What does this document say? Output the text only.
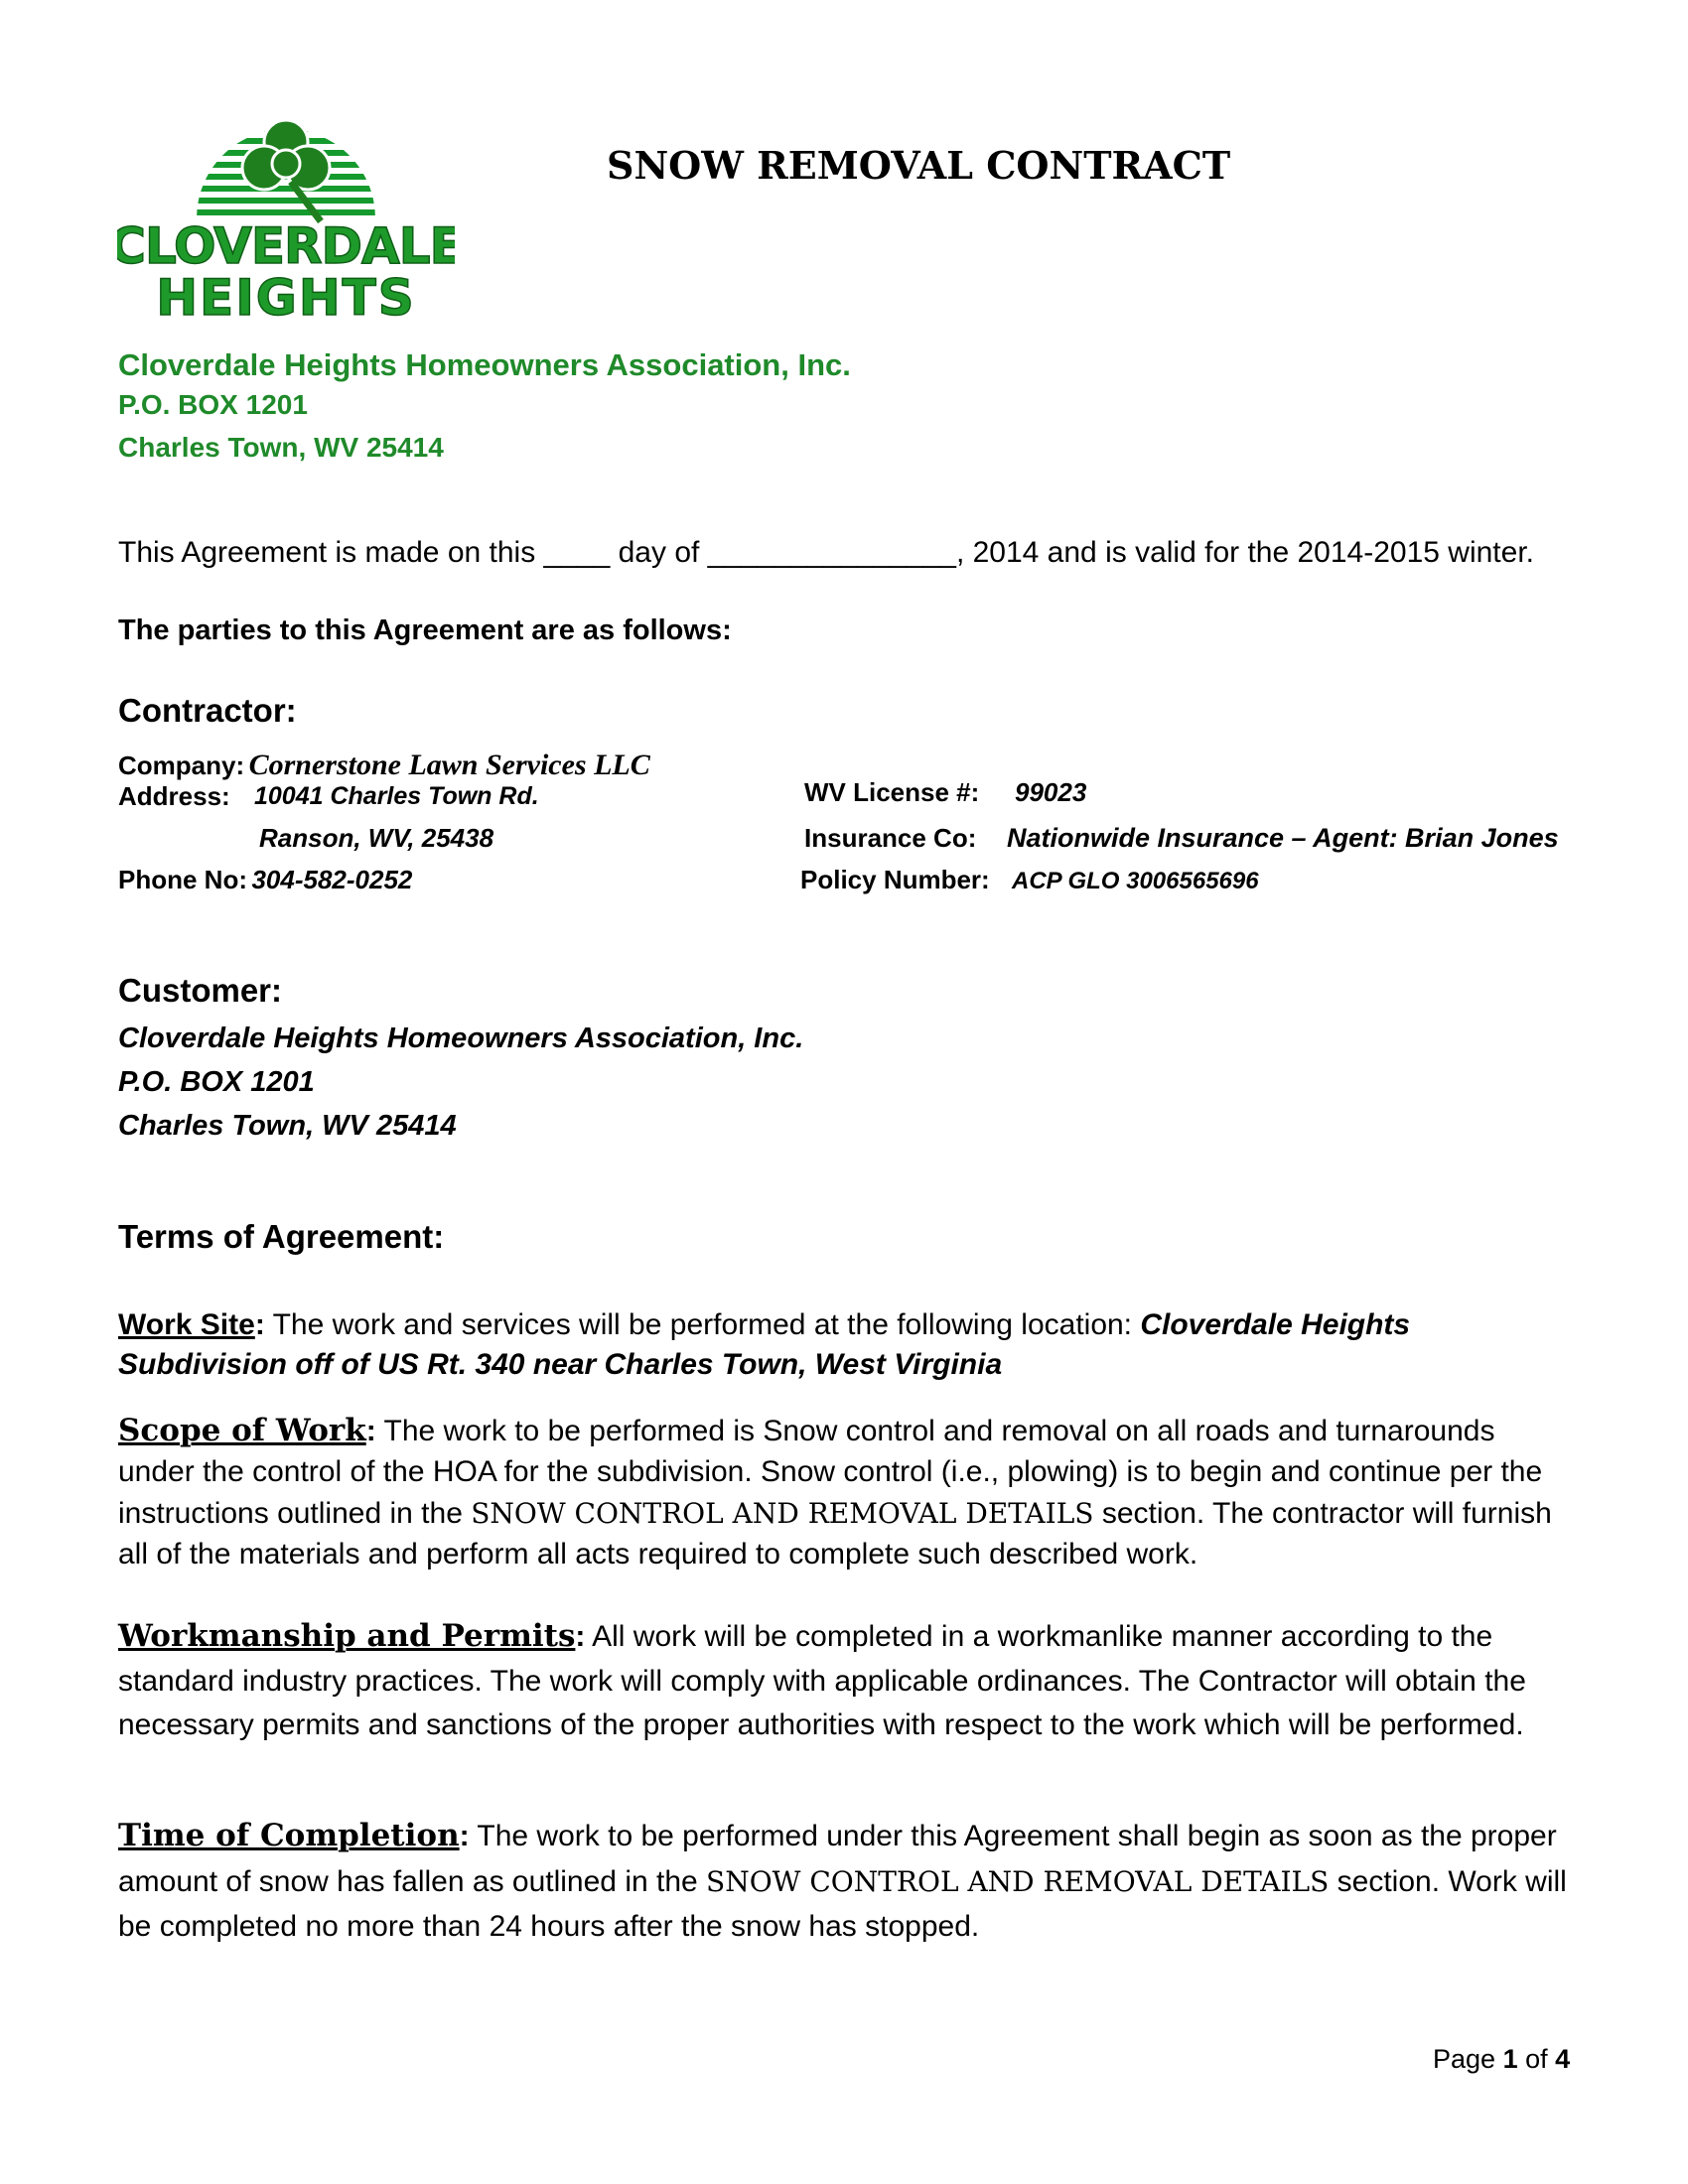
CLOVERDALE
HEIGHTS
SNOW REMOVAL CONTRACT
Cloverdale Heights Homeowners Association, Inc.
P.O. BOX 1201
Charles Town, WV 25414
This Agreement is made on this ____ day of _______________, 2014 and is valid for the 2014-2015 winter.
The parties to this Agreement are as follows:
Contractor:
Company: Cornerstone Lawn Services LLC
Address: 10041 Charles Town Rd.
Ranson, WV, 25438
Phone No: 304-582-0252
WV License #: 99023
Insurance Co: Nationwide Insurance – Agent: Brian Jones
Policy Number: ACP GLO 3006565696
Customer:
Cloverdale Heights Homeowners Association, Inc.
P.O. BOX 1201
Charles Town, WV 25414
Terms of Agreement:
Work Site: The work and services will be performed at the following location: Cloverdale Heights Subdivision off of US Rt. 340 near Charles Town, West Virginia
Scope of Work: The work to be performed is Snow control and removal on all roads and turnarounds under the control of the HOA for the subdivision. Snow control (i.e., plowing) is to begin and continue per the instructions outlined in the SNOW CONTROL AND REMOVAL DETAILS section. The contractor will furnish all of the materials and perform all acts required to complete such described work.
Workmanship and Permits: All work will be completed in a workmanlike manner according to the standard industry practices. The work will comply with applicable ordinances. The Contractor will obtain the necessary permits and sanctions of the proper authorities with respect to the work which will be performed.
Time of Completion: The work to be performed under this Agreement shall begin as soon as the proper amount of snow has fallen as outlined in the SNOW CONTROL AND REMOVAL DETAILS section. Work will be completed no more than 24 hours after the snow has stopped.
Page 1 of 4
